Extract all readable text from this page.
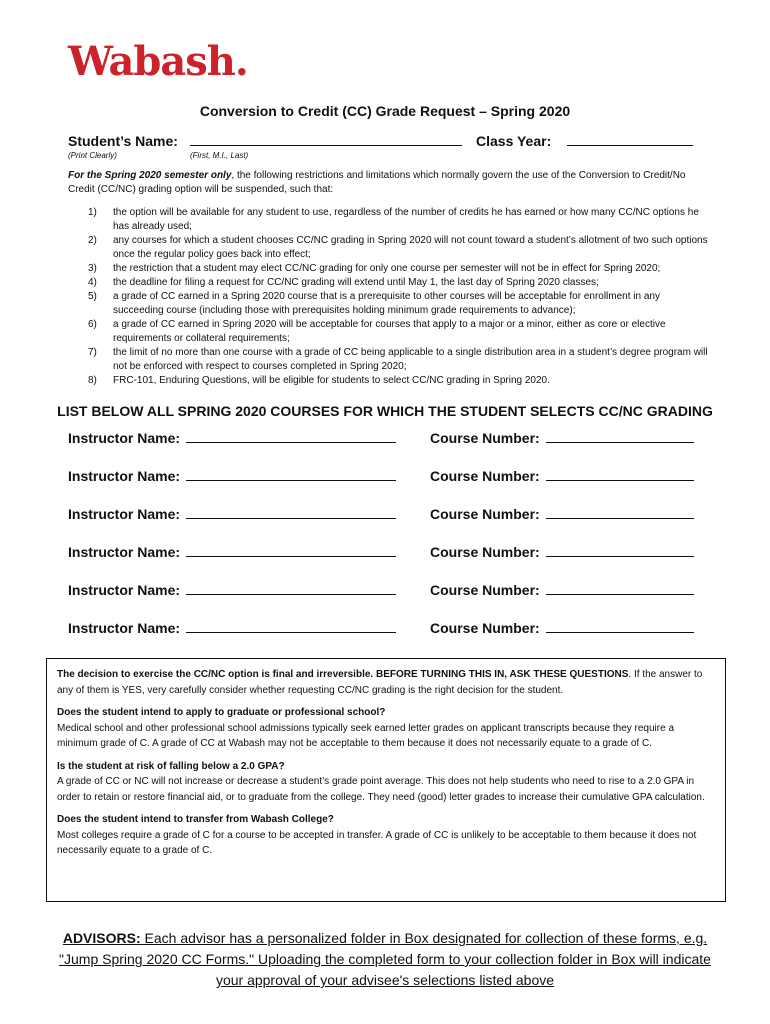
Wabash.
Conversion to Credit (CC) Grade Request – Spring 2020
Student’s Name:	Class Year:
(Print Clearly)	(First, M.I., Last)
For the Spring 2020 semester only, the following restrictions and limitations which normally govern the use of the Conversion to Credit/No Credit (CC/NC) grading option will be suspended, such that:
1) the option will be available for any student to use, regardless of the number of credits he has earned or how many CC/NC options he has already used;
2) any courses for which a student chooses CC/NC grading in Spring 2020 will not count toward a student’s allotment of two such options once the regular policy goes back into effect;
3) the restriction that a student may elect CC/NC grading for only one course per semester will not be in effect for Spring 2020;
4) the deadline for filing a request for CC/NC grading will extend until May 1, the last day of Spring 2020 classes;
5) a grade of CC earned in a Spring 2020 course that is a prerequisite to other courses will be acceptable for enrollment in any succeeding course (including those with prerequisites holding minimum grade requirements to advance);
6) a grade of CC earned in Spring 2020 will be acceptable for courses that apply to a major or a minor, either as core or elective requirements or collateral requirements;
7) the limit of no more than one course with a grade of CC being applicable to a single distribution area in a student’s degree program will not be enforced with respect to courses completed in Spring 2020;
8) FRC-101, Enduring Questions, will be eligible for students to select CC/NC grading in Spring 2020.
LIST BELOW ALL SPRING 2020 COURSES FOR WHICH THE STUDENT SELECTS CC/NC GRADING
Instructor Name:	Course Number:
Instructor Name:	Course Number:
Instructor Name:	Course Number:
Instructor Name:	Course Number:
Instructor Name:	Course Number:
Instructor Name:	Course Number:

The decision to exercise the CC/NC option is final and irreversible. BEFORE TURNING THIS IN, ASK THESE QUESTIONS. If the answer to any of them is YES, very carefully consider whether requesting CC/NC grading is the right decision for the student.

Does the student intend to apply to graduate or professional school?
Medical school and other professional school admissions typically seek earned letter grades on applicant transcripts because they require a minimum grade of C. A grade of CC at Wabash may not be acceptable to them because it does not necessarily equate to a grade of C.

Is the student at risk of falling below a 2.0 GPA?
A grade of CC or NC will not increase or decrease a student’s grade point average. This does not help students who need to rise to a 2.0 GPA in order to retain or restore financial aid, or to graduate from the college. They need (good) letter grades to increase their cumulative GPA calculation.

Does the student intend to transfer from Wabash College?
Most colleges require a grade of C for a course to be accepted in transfer. A grade of CC is unlikely to be acceptable to them because it does not necessarily equate to a grade of C.

ADVISORS: Each advisor has a personalized folder in Box designated for collection of these forms, e.g. "Jump Spring 2020 CC Forms." Uploading the completed form to your collection folder in Box will indicate your approval of your advisee's selections listed above
